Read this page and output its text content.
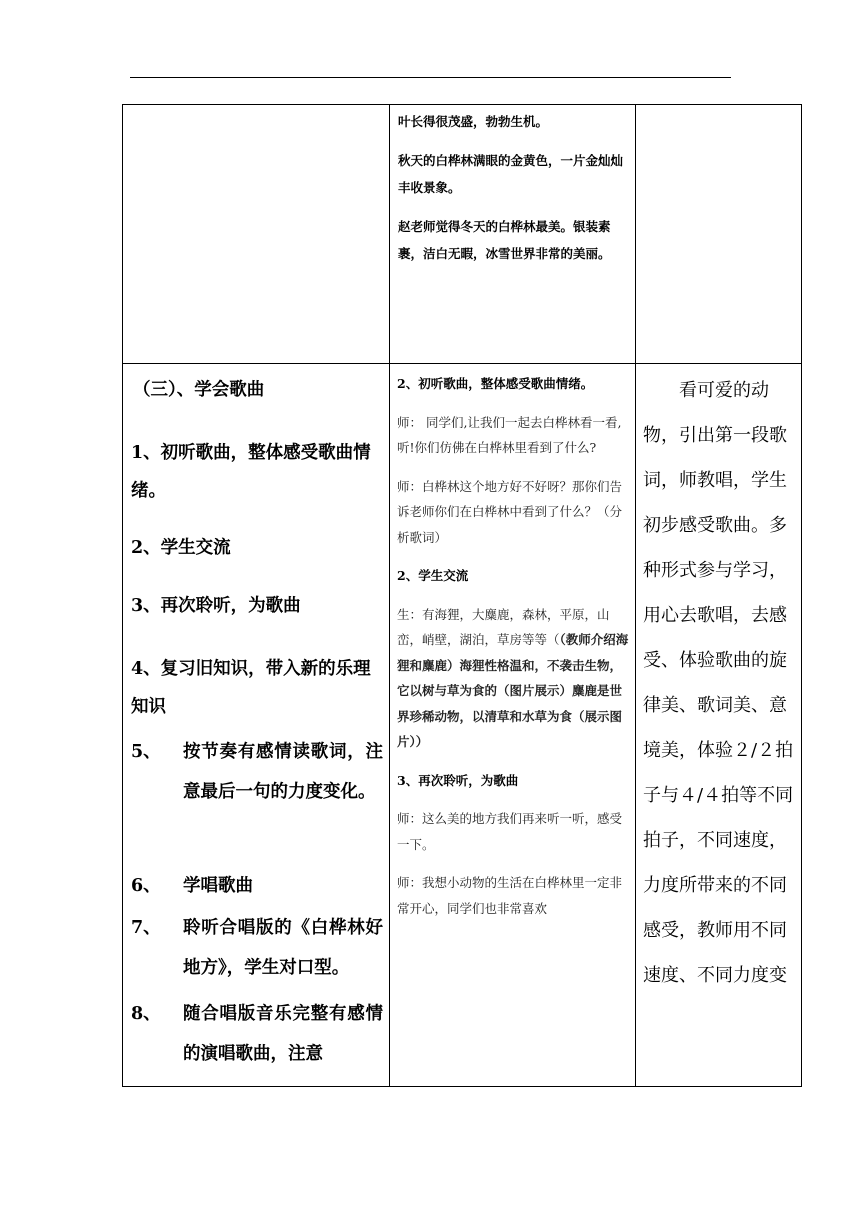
叶长得很茂盛，勃勃生机。

秋天的白桦林满眼的金黄色，一片金灿灿丰收景象。

赵老师觉得冬天的白桦林最美。银装素裹，洁白无暇，冰雪世界非常的美丽。

（三）、学会歌曲
1、初听歌曲，整体感受歌曲情绪。
2、学生交流
3、再次聆听，为歌曲
4、复习旧知识，带入新的乐理知识
5、 按节奏有感情读歌词，注意最后一句的力度变化。
6、 学唱歌曲
7、 聆听合唱版的《白桦林好地方》，学生对口型。
8、 随合唱版音乐完整有感情的演唱歌曲，注意

2、初听歌曲，整体感受歌曲情绪。

师： 同学们,让我们一起去白桦林看一看,听!你们仿佛在白桦林里看到了什么?

师：白桦林这个地方好不好呀？那你们告诉老师你们在白桦林中看到了什么？（分析歌词）

2、学生交流

生：有海狸，大麋鹿，森林，平原，山峦，峭壁，湖泊，草房等等（（教师介绍海狸和麋鹿）海狸性格温和，不袭击生物，它以树与草为食的（图片展示）麋鹿是世界珍稀动物，以清草和水草为食（展示图片））

3、再次聆听，为歌曲

师：这么美的地方我们再来听一听，感受一下。

师：我想小动物的生活在白桦林里一定非常开心，同学们也非常喜欢

看可爱的动物，引出第一段歌词，师教唱，学生初步感受歌曲。多种形式参与学习，用心去歌唱，去感受、体验歌曲的旋律美、歌词美、意境美，体验２/２拍子与４/４拍等不同拍子，不同速度，力度所带来的不同感受，教师用不同速度、不同力度变
